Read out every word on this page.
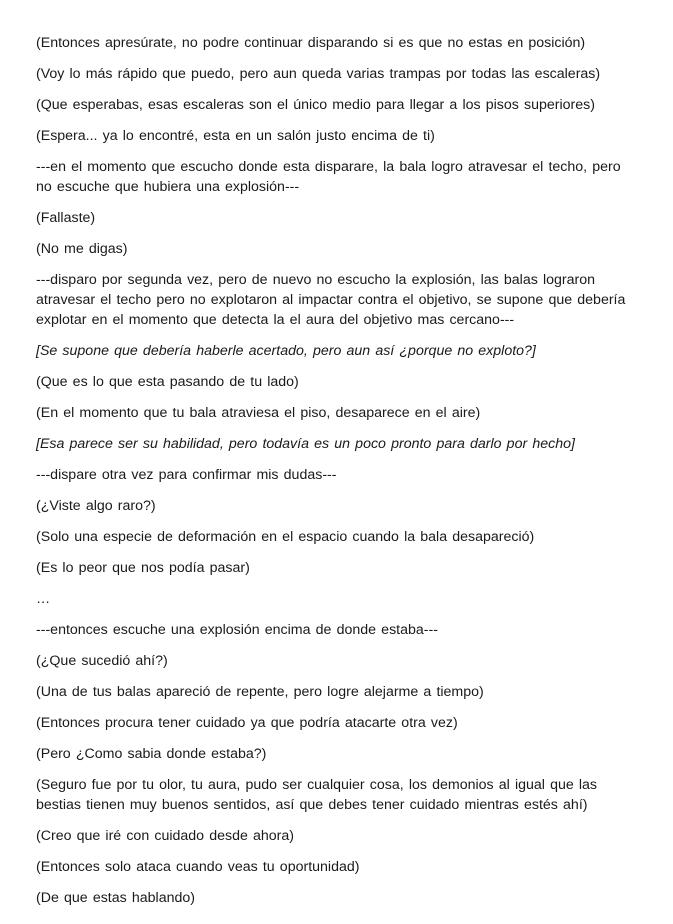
(Entonces apresúrate, no podre continuar disparando si es que no estas en posición)

(Voy lo más rápido que puedo, pero aun queda varias trampas por todas las escaleras)

(Que esperabas, esas escaleras son el único medio para llegar a los pisos superiores)

(Espera... ya lo encontré, esta en un salón justo encima de ti)

---en el momento que escucho donde esta disparare, la bala logro atravesar el techo, pero no escuche que hubiera una explosión---

(Fallaste)

(No me digas)

---disparo por segunda vez, pero de nuevo no escucho la explosión, las balas lograron atravesar el techo pero no explotaron al impactar contra el objetivo, se supone que debería explotar en el momento que detecta la el aura del objetivo mas cercano---

[Se supone que debería haberle acertado, pero aun así ¿porque no exploto?]

(Que es lo que esta pasando de tu lado)

(En el momento que tu bala atraviesa el piso, desaparece en el aire)

[Esa parece ser su habilidad, pero todavía es un poco pronto para darlo por hecho]

---dispare otra vez para confirmar mis dudas---

(¿Viste algo raro?)

(Solo una especie de deformación en el espacio cuando la bala desapareció)

(Es lo peor que nos podía pasar)

…

---entonces escuche una explosión encima de donde estaba---

(¿Que sucedió ahí?)

(Una de tus balas apareció de repente, pero logre alejarme a tiempo)

(Entonces procura tener cuidado ya que podría atacarte otra vez)

(Pero ¿Como sabia donde estaba?)

(Seguro fue por tu olor, tu aura, pudo ser cualquier cosa, los demonios al igual que las bestias tienen muy buenos sentidos, así que debes tener cuidado mientras estés ahí)

(Creo que iré con cuidado desde ahora)

(Entonces solo ataca cuando veas tu oportunidad)

(De que estas hablando)
